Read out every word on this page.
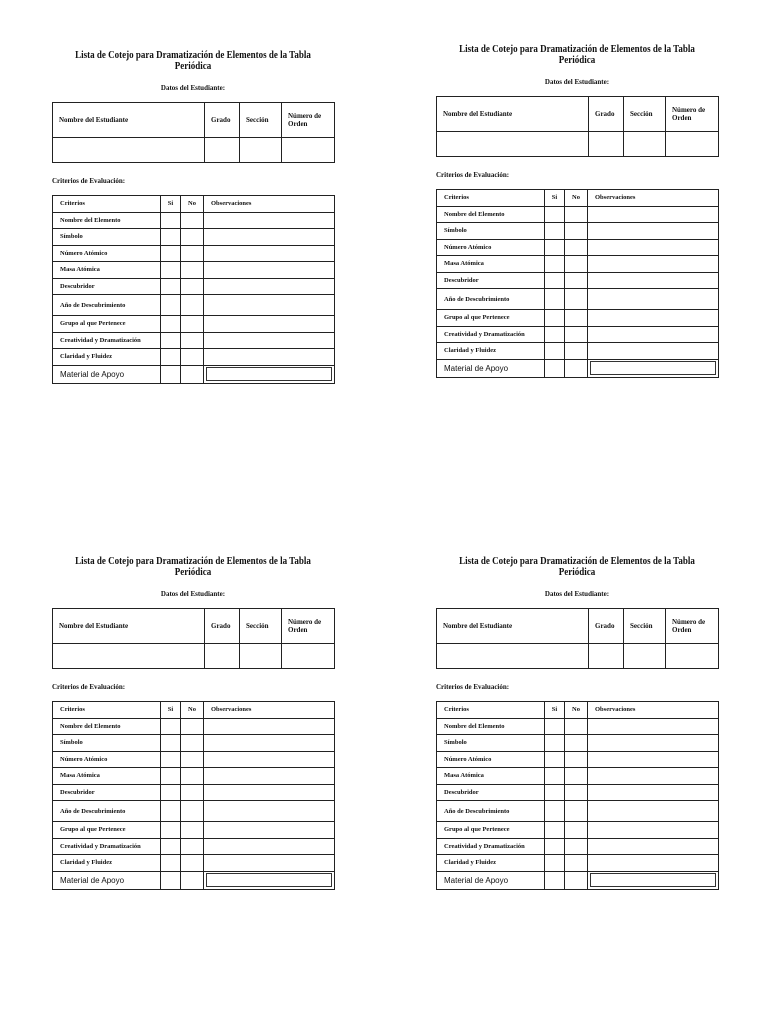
Lista de Cotejo para Dramatización de Elementos de la Tabla Periódica
Datos del Estudiante:
Nombre del Estudiante	Grado	Sección	Número de Orden

Criterios de Evaluación:
Criterios	Si	No	Observaciones
Nombre del Elemento			
Símbolo			
Número Atómico			
Masa Atómica			
Descubridor			
Año de Descubrimiento			
Grupo al que Pertenece			
Creatividad y Dramatización			
Claridad y Fluidez			
Material de Apoyo			
Lista de Cotejo para Dramatización de Elementos de la Tabla Periódica
Datos del Estudiante:
Nombre del Estudiante	Grado	Sección	Número de Orden

Criterios de Evaluación:
Criterios	Si	No	Observaciones
Nombre del Elemento			
Símbolo			
Número Atómico			
Masa Atómica			
Descubridor			
Año de Descubrimiento			
Grupo al que Pertenece			
Creatividad y Dramatización			
Claridad y Fluidez			
Material de Apoyo			
Lista de Cotejo para Dramatización de Elementos de la Tabla Periódica
Datos del Estudiante:
Nombre del Estudiante	Grado	Sección	Número de Orden

Criterios de Evaluación:
Criterios	Si	No	Observaciones
Nombre del Elemento			
Símbolo			
Número Atómico			
Masa Atómica			
Descubridor			
Año de Descubrimiento			
Grupo al que Pertenece			
Creatividad y Dramatización			
Claridad y Fluidez			
Material de Apoyo			
Lista de Cotejo para Dramatización de Elementos de la Tabla Periódica
Datos del Estudiante:
Nombre del Estudiante	Grado	Sección	Número de Orden

Criterios de Evaluación:
Criterios	Si	No	Observaciones
Nombre del Elemento			
Símbolo			
Número Atómico			
Masa Atómica			
Descubridor			
Año de Descubrimiento			
Grupo al que Pertenece			
Creatividad y Dramatización			
Claridad y Fluidez			
Material de Apoyo			
